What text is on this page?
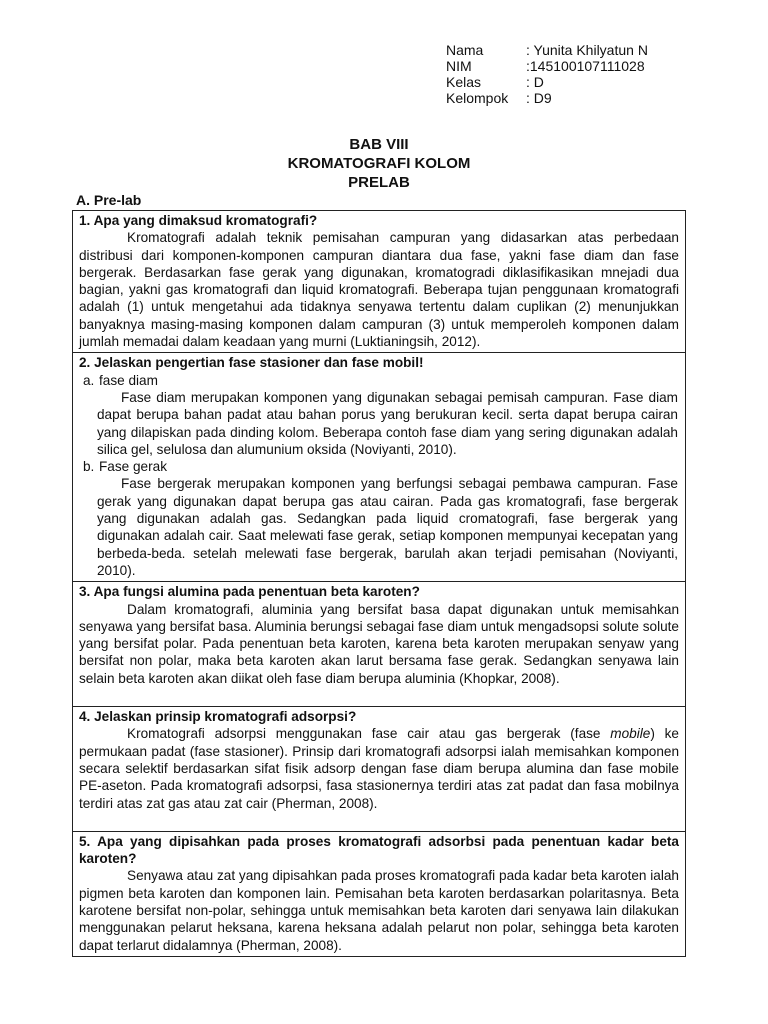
Nama	: Yunita Khilyatun N
NIM	:145100107111028
Kelas	: D
Kelompok	: D9
BAB VIII
KROMATOGRAFI KOLOM
PRELAB
A. Pre-lab
1. Apa yang dimaksud kromatografi?
Kromatografi adalah teknik pemisahan campuran yang didasarkan atas perbedaan distribusi dari komponen-komponen campuran diantara dua fase, yakni fase diam dan fase bergerak. Berdasarkan fase gerak yang digunakan, kromatogradi diklasifikasikan mnejadi dua bagian, yakni gas kromatografi dan liquid kromatografi. Beberapa tujan penggunaan kromatografi adalah (1) untuk mengetahui ada tidaknya senyawa tertentu dalam cuplikan (2) menunjukkan banyaknya masing-masing komponen dalam campuran (3) untuk memperoleh komponen dalam jumlah memadai dalam keadaan yang murni (Luktianingsih, 2012).

2. Jelaskan pengertian fase stasioner dan fase mobil!
a. fase diam
Fase diam merupakan komponen yang digunakan sebagai pemisah campuran. Fase diam dapat berupa bahan padat atau bahan porus yang berukuran kecil. serta dapat berupa cairan yang dilapiskan pada dinding kolom. Beberapa contoh fase diam yang sering digunakan adalah silica gel, selulosa dan alumunium oksida (Noviyanti, 2010).
b. Fase gerak
Fase bergerak merupakan komponen yang berfungsi sebagai pembawa campuran. Fase gerak yang digunakan dapat berupa gas atau cairan. Pada gas kromatografi, fase bergerak yang digunakan adalah gas. Sedangkan pada liquid cromatografi, fase bergerak yang digunakan adalah cair. Saat melewati fase gerak, setiap komponen mempunyai kecepatan yang berbeda-beda. setelah melewati fase bergerak, barulah akan terjadi pemisahan (Noviyanti, 2010).

3. Apa fungsi alumina pada penentuan beta karoten?
Dalam kromatografi, aluminia yang bersifat basa dapat digunakan untuk memisahkan senyawa yang bersifat basa. Aluminia berungsi sebagai fase diam untuk mengadsopsi solute solute yang bersifat polar. Pada penentuan beta karoten, karena beta karoten merupakan senyaw yang bersifat non polar, maka beta karoten akan larut bersama fase gerak. Sedangkan senyawa lain selain beta karoten akan diikat oleh fase diam berupa aluminia (Khopkar, 2008).

4. Jelaskan prinsip kromatografi adsorpsi?
Kromatografi adsorpsi menggunakan fase cair atau gas bergerak (fase mobile) ke permukaan padat (fase stasioner). Prinsip dari kromatografi adsorpsi ialah memisahkan komponen secara selektif berdasarkan sifat fisik adsorp dengan fase diam berupa alumina dan fase mobile PE-aseton. Pada kromatografi adsorpsi, fasa stasionernya terdiri atas zat padat dan fasa mobilnya terdiri atas zat gas atau zat cair (Pherman, 2008).

5. Apa yang dipisahkan pada proses kromatografi adsorbsi pada penentuan kadar beta karoten?
Senyawa atau zat yang dipisahkan pada proses kromatografi pada kadar beta karoten ialah pigmen beta karoten dan komponen lain. Pemisahan beta karoten berdasarkan polaritasnya. Beta karotene bersifat non-polar, sehingga untuk memisahkan beta karoten dari senyawa lain dilakukan menggunakan pelarut heksana, karena heksana adalah pelarut non polar, sehingga beta karoten dapat terlarut didalamnya (Pherman, 2008).
